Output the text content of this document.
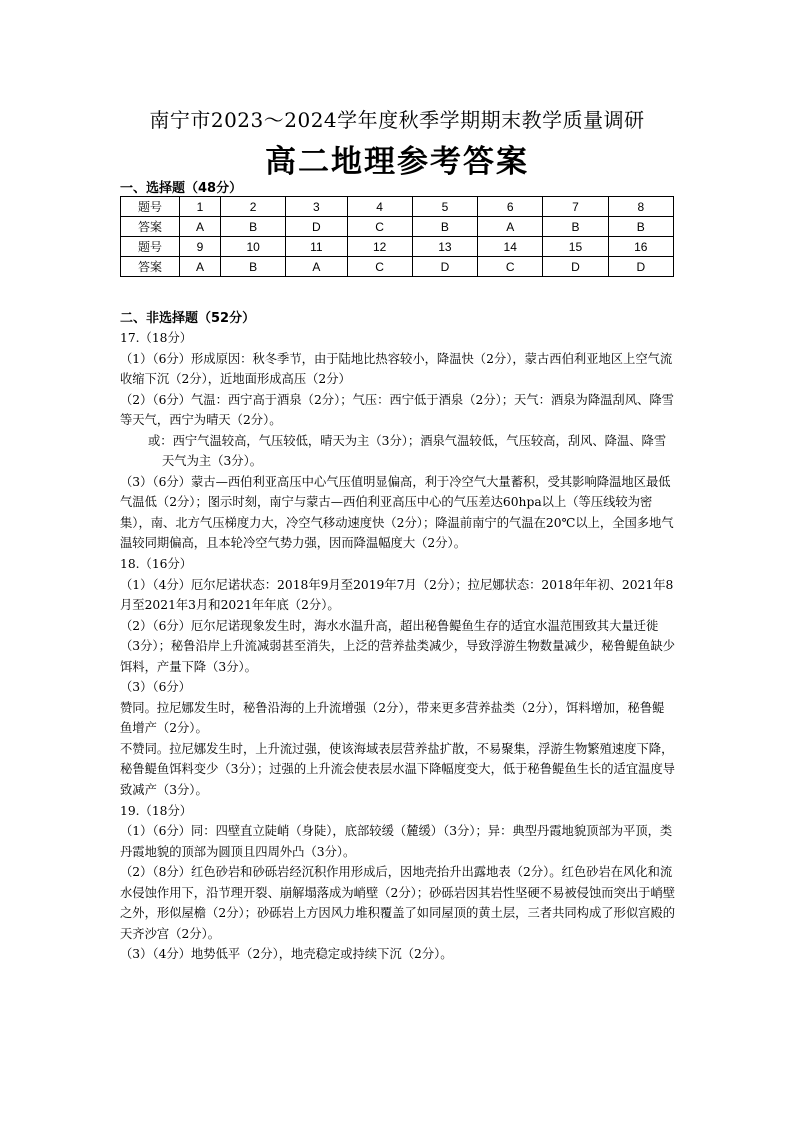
南宁市2023～2024学年度秋季学期期末教学质量调研
高二地理参考答案
一、选择题（48分）
题号	1	2	3	4	5	6	7	8
答案	A	B	D	C	B	A	B	B
题号	9	10	11	12	13	14	15	16
答案	A	B	A	C	D	C	D	D
二、非选择题（52分）

17.（18分）

（1）（6分）形成原因：秋冬季节，由于陆地比热容较小，降温快（2分），蒙古西伯利亚地区上空气流收缩下沉（2分），近地面形成高压（2分）

（2）（6分）气温：西宁高于酒泉（2分）；气压：西宁低于酒泉（2分）；天气：酒泉为降温刮风、降雪等天气，西宁为晴天（2分）。

或：西宁气温较高，气压较低，晴天为主（3分）；酒泉气温较低，气压较高，刮风、降温、降雪天气为主（3分）。

（3）（6分）蒙古—西伯利亚高压中心气压值明显偏高，利于冷空气大量蓄积，受其影响降温地区最低气温低（2分）；图示时刻，南宁与蒙古—西伯利亚高压中心的气压差达60hpa以上（等压线较为密集），南、北方气压梯度力大，冷空气移动速度快（2分）；降温前南宁的气温在20℃以上，全国多地气温较同期偏高，且本轮冷空气势力强，因而降温幅度大（2分）。

18.（16分）

（1）（4分）厄尔尼诺状态：2018年9月至2019年7月（2分）；拉尼娜状态：2018年年初、2021年8月至2021年3月和2021年年底（2分）。

（2）（6分）厄尔尼诺现象发生时，海水水温升高，超出秘鲁鳀鱼生存的适宜水温范围致其大量迁徙（3分）；秘鲁沿岸上升流减弱甚至消失，上泛的营养盐类减少，导致浮游生物数量减少，秘鲁鳀鱼缺少饵料，产量下降（3分）。

（3）（6分）

赞同。拉尼娜发生时，秘鲁沿海的上升流增强（2分），带来更多营养盐类（2分），饵料增加，秘鲁鳀鱼增产（2分）。

不赞同。拉尼娜发生时，上升流过强，使该海域表层营养盐扩散，不易聚集，浮游生物繁殖速度下降，秘鲁鳀鱼饵料变少（3分）；过强的上升流会使表层水温下降幅度变大，低于秘鲁鳀鱼生长的适宜温度导致减产（3分）。

19.（18分）

（1）（6分）同：四壁直立陡峭（身陡），底部较缓（麓缓）（3分）；异：典型丹霞地貌顶部为平顶，类丹霞地貌的顶部为圆顶且四周外凸（3分）。

（2）（8分）红色砂岩和砂砾岩经沉积作用形成后，因地壳抬升出露地表（2分）。红色砂岩在风化和流水侵蚀作用下，沿节理开裂、崩解塌落成为峭壁（2分）；砂砾岩因其岩性坚硬不易被侵蚀而突出于峭壁之外，形似屋檐（2分）；砂砾岩上方因风力堆积覆盖了如同屋顶的黄土层，三者共同构成了形似宫殿的天齐沙宫（2分）。

（3）（4分）地势低平（2分），地壳稳定或持续下沉（2分）。
